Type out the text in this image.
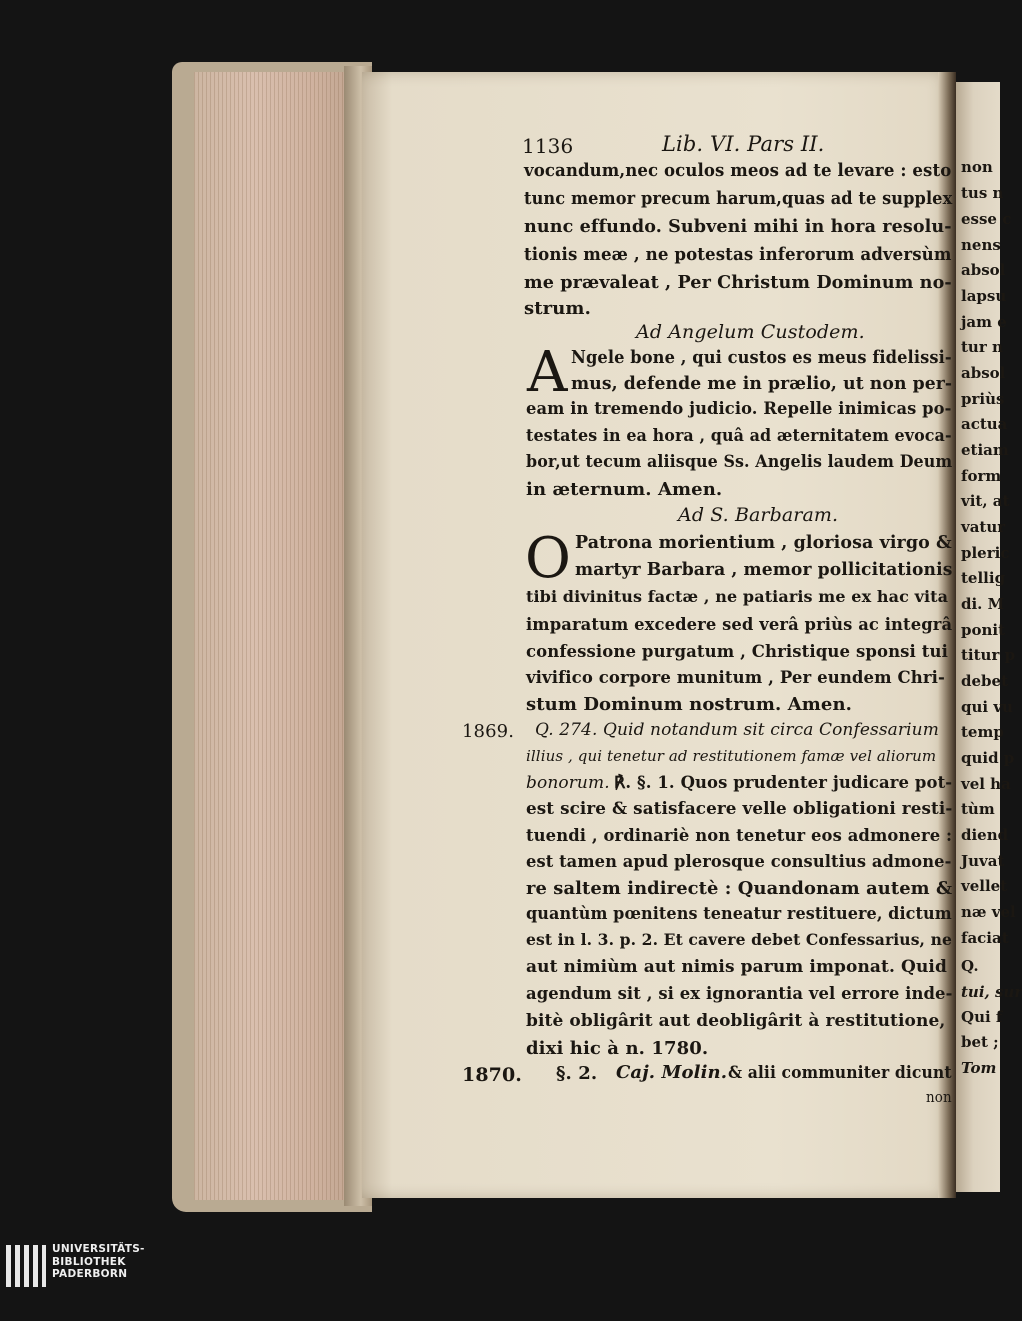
1136	Lib. VI. Pars II.
vocandum,nec oculos meos ad te levare : esto
tunc memor precum harum,quas ad te supplex
nunc effundo. Subveni mihi in hora resolu-
tionis meæ , ne potestas inferorum adversùm
me prævaleat , Per Christum Dominum no-
strum.
Ad Angelum Custodem.
A Ngele bone , qui custos es meus fidelissi-
mus, defende me in prælio, ut non per-
eam in tremendo judicio. Repelle inimicas po-
testates in ea hora , quâ ad æternitatem evoca-
bor,ut tecum aliisque Ss. Angelis laudem Deum
in æternum. Amen.
Ad S. Barbaram.
O Patrona morientium , gloriosa virgo &
martyr Barbara , memor pollicitationis
tibi divinitus factæ , ne patiaris me ex hac vita
imparatum excedere sed verâ priùs ac integrâ
confessione purgatum , Christique sponsi tui
vivifico corpore munitum , Per eundem Chri-
stum Dominum nostrum. Amen.
1869. Q. 274. Quid notandum sit circa Confessarium
illius , qui tenetur ad restitutionem famæ vel aliorum
bonorum. ℟. §. 1. Quos prudenter judicare pot-
est scire & satisfacere velle obligationi resti-
tuendi , ordinariè non tenetur eos admonere :
est tamen apud plerosque consultius admone-
re saltem indirectè : Quandonam autem &
quantùm pœnitens teneatur restituere, dictum
est in l. 3. p. 2. Et cavere debet Confessarius, ne
aut nimiùm aut nimis parum imponat. Quid
agendum sit , si ex ignorantia vel errore inde-
bitè obligârit aut deobligârit à restitutione,
dixi hic à n. 1780.
1870. §. 2. Caj. Molin. & alii communiter dicunt
non
non
tus n
esse c
nens
absol
lapsu
jam e
tur n
absol
priùs
actua
etiam
form
vit, at
vatur
pleric
tellig
di. M
ponit
titur p
debet
qui vu
temp
quid p
vel ha
tùm
diend
Juvat
vellet
næ vel
faciat
Q.
tui, sur
Qui f
bet ;
Tom
UNIVERSITÄTS-
BIBLIOTHEK
PADERBORN
